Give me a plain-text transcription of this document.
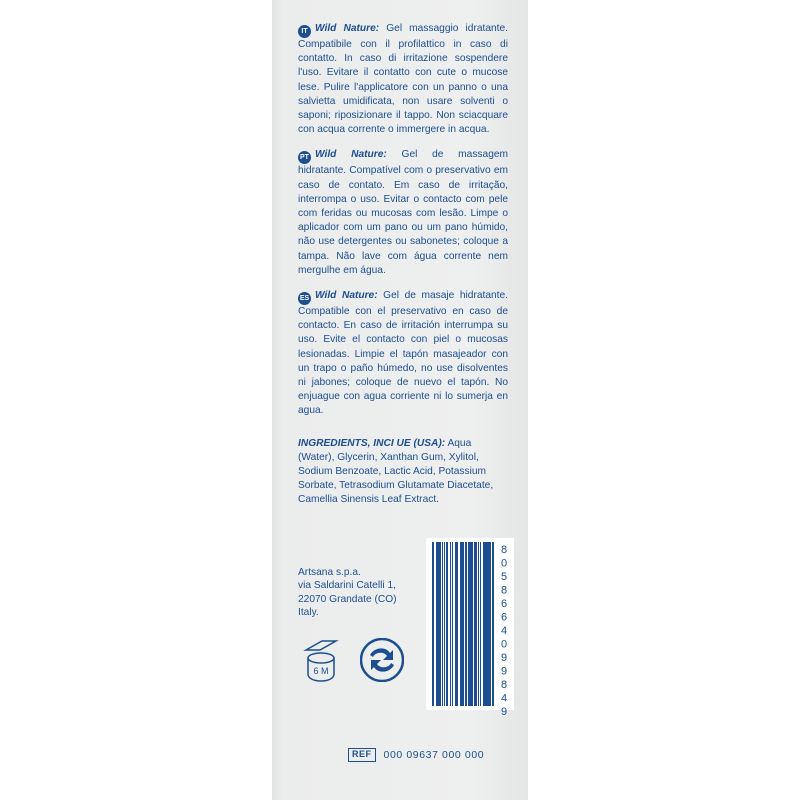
IT Wild Nature: Gel massaggio idratante. Compatibile con il profilattico in caso di contatto. In caso di irritazione sospendere l'uso. Evitare il contatto con cute o mucose lese. Pulire l'applicatore con un panno o una salvietta umidificata, non usare solventi o saponi; riposizionare il tappo. Non sciacquare con acqua corrente o immergere in acqua.
PT Wild Nature: Gel de massagem hidratante. Compatível com o preservativo em caso de contato. Em caso de irritação, interrompa o uso. Evitar o contacto com pele com feridas ou mucosas com lesão. Limpe o aplicador com um pano ou um pano húmido, não use detergentes ou sabonetes; coloque a tampa. Não lave com água corrente nem mergulhe em água.
ES Wild Nature: Gel de masaje hidratante. Compatible con el preservativo en caso de contacto. En caso de irritación interrumpa su uso. Evite el contacto con piel o mucosas lesionadas. Limpie el tapón masajeador con un trapo o paño húmedo, no use disolventes ni jabones; coloque de nuevo el tapón. No enjuague con agua corriente ni lo sumerja en agua.
INGREDIENTS, INCI UE (USA): Aqua (Water), Glycerin, Xanthan Gum, Xylitol, Sodium Benzoate, Lactic Acid, Potassium Sorbate, Tetrasodium Glutamate Diacetate, Camellia Sinensis Leaf Extract.
Artsana s.p.a.
via Saldarini Catelli 1,
22070 Grandate (CO)
Italy.	8058664099849
6 M
REF	000 09637 000 000
